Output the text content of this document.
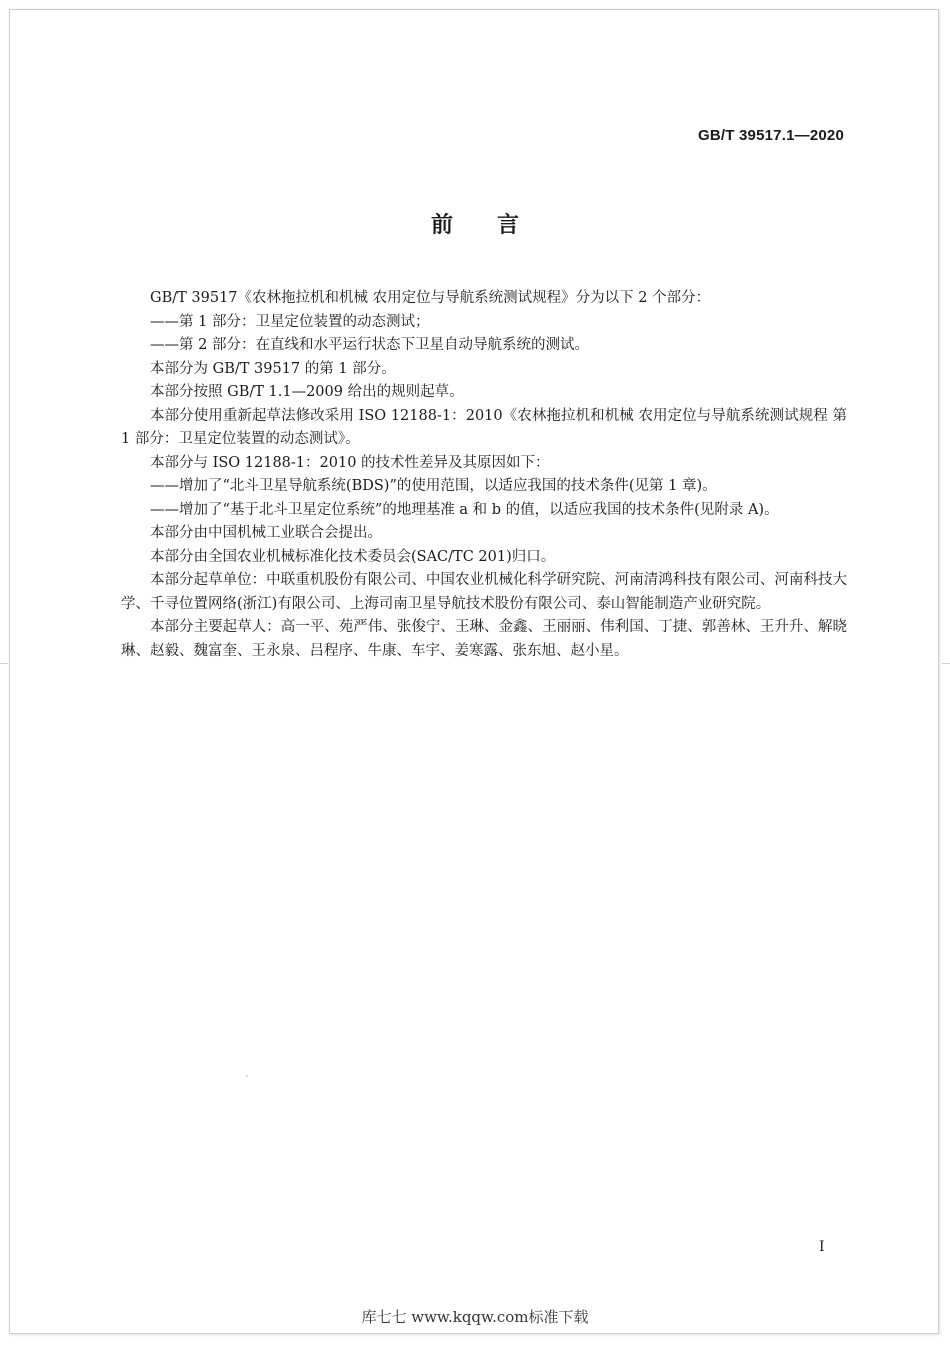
GB/T 39517.1—2020
前言

GB/T 39517《农林拖拉机和机械 农用定位与导航系统测试规程》分为以下 2 个部分：

——第 1 部分：卫星定位装置的动态测试；

——第 2 部分：在直线和水平运行状态下卫星自动导航系统的测试。

本部分为 GB/T 39517 的第 1 部分。

本部分按照 GB/T 1.1—2009 给出的规则起草。

本部分使用重新起草法修改采用 ISO 12188-1：2010《农林拖拉机和机械 农用定位与导航系统测试规程 第 1 部分：卫星定位装置的动态测试》。

本部分与 ISO 12188-1：2010 的技术性差异及其原因如下：

——增加了“北斗卫星导航系统(BDS)”的使用范围，以适应我国的技术条件(见第 1 章)。

——增加了“基于北斗卫星定位系统”的地理基准 a 和 b 的值，以适应我国的技术条件(见附录 A)。

本部分由中国机械工业联合会提出。

本部分由全国农业机械标准化技术委员会(SAC/TC 201)归口。

本部分起草单位：中联重机股份有限公司、中国农业机械化科学研究院、河南清鸿科技有限公司、河南科技大学、千寻位置网络(浙江)有限公司、上海司南卫星导航技术股份有限公司、泰山智能制造产业研究院。

本部分主要起草人：高一平、苑严伟、张俊宁、王琳、金鑫、王丽丽、伟利国、丁捷、郭善林、王升升、解晓琳、赵毅、魏富奎、王永泉、吕程序、牛康、车宇、姜寒露、张东旭、赵小星。

I
库七七 www.kqqw.com标准下载
